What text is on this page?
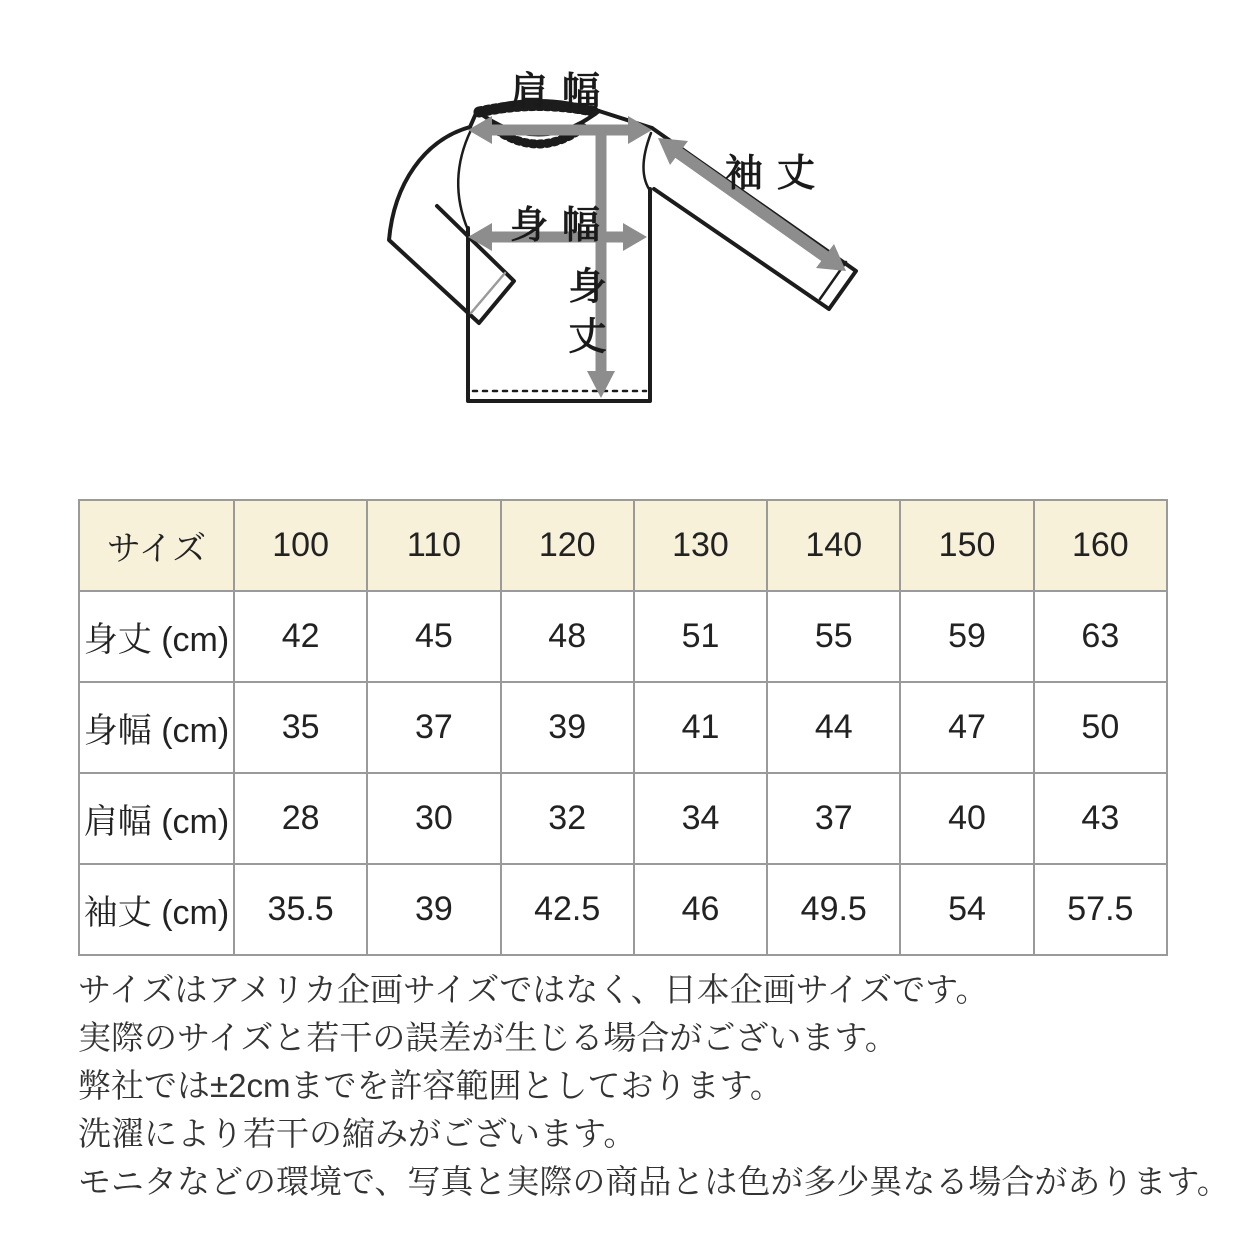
肩幅
袖丈
身幅
身丈
サイズ	100	110	120	130	140	150	160
身丈 (cm)	42	45	48	51	55	59	63
身幅 (cm)	35	37	39	41	44	47	50
肩幅 (cm)	28	30	32	34	37	40	43
袖丈 (cm)	35.5	39	42.5	46	49.5	54	57.5

サイズはアメリカ企画サイズではなく、日本企画サイズです。

実際のサイズと若干の誤差が生じる場合がございます。

弊社では±2cmまでを許容範囲としております。

洗濯により若干の縮みがございます。

モニタなどの環境で、写真と実際の商品とは色が多少異なる場合があります。
